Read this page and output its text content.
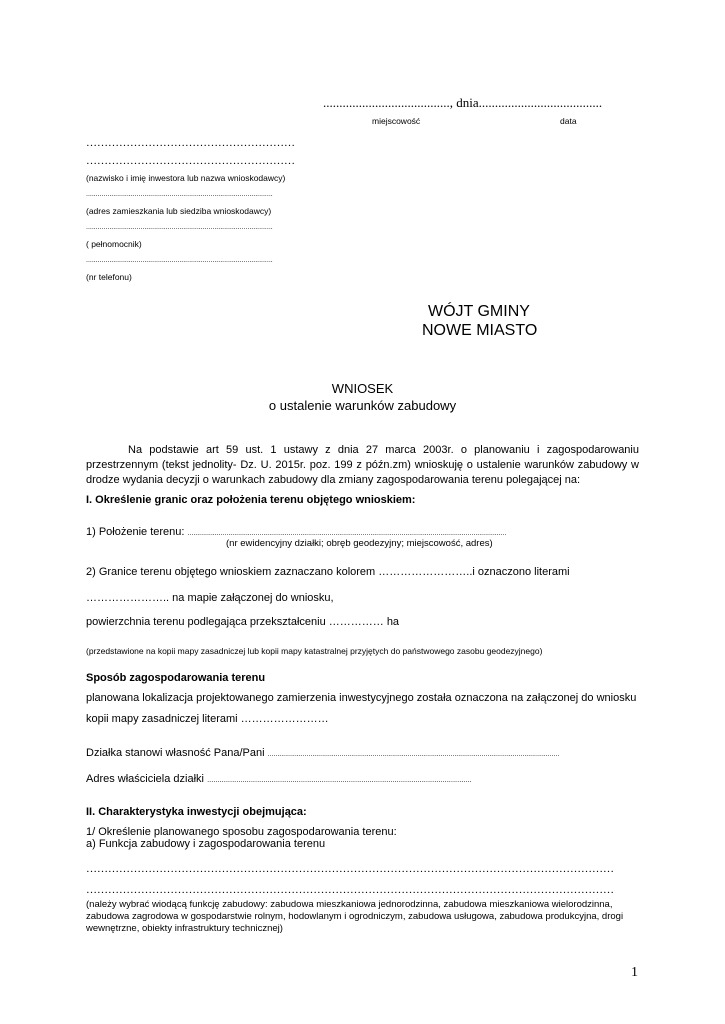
......................................., dnia......................................
miejscowość	data
…………………………………………………
…………………………………………………
(nazwisko i imię inwestora lub nazwa wnioskodawcy)
................................................................................................
(adres zamieszkania lub siedziba wnioskodawcy)
................................................................................................
( pełnomocnik)
................................................................................................
(nr telefonu)
WÓJT GMINY
NOWE MIASTO
WNIOSEK
o ustalenie warunków zabudowy
Na podstawie art 59 ust. 1 ustawy z dnia 27 marca 2003r. o planowaniu i zagospodarowaniu
przestrzennym (tekst jednolity- Dz. U. 2015r. poz. 199 z późn.zm) wnioskuję o ustalenie warunków zabudowy w
drodze wydania decyzji o warunkach zabudowy dla zmiany zagospodarowania terenu polegającej na:
I. Określenie granic oraz położenia terenu objętego wnioskiem:
1) Położenie terenu: ....................................................................................................................................................................
(nr ewidencyjny działki; obręb geodezyjny; miejscowość, adres)
2) Granice terenu objętego wnioskiem zaznaczano kolorem ……………………..i oznaczono literami
………………….. na mapie załączonej do wniosku,
powierzchnia terenu podlegająca przekształceniu …………… ha
(przedstawione na kopii mapy zasadniczej lub kopii mapy katastralnej przyjętych do państwowego zasobu geodezyjnego)
Sposób zagospodarowania terenu
planowana lokalizacja projektowanego zamierzenia inwestycyjnego została oznaczona na załączonej do wniosku
kopii mapy zasadniczej literami ……………………
Działka stanowi własność Pana/Pani ......................................................................................................................................................
Adres właściciela działki ...............................................................................................................................
II. Charakterystyka inwestycji obejmująca:
1/ Określenie planowanego sposobu zagospodarowania terenu:
a) Funkcja zabudowy i zagospodarowania terenu
………………………………………………………………………………………………………………………………
………………………………………………………………………………………………………………………………
(należy wybrać wiodącą funkcję zabudowy: zabudowa mieszkaniowa jednorodzinna, zabudowa mieszkaniowa wielorodzinna, zabudowa zagrodowa w gospodarstwie rolnym, hodowlanym i ogrodniczym, zabudowa usługowa, zabudowa produkcyjna, drogi wewnętrzne, obiekty infrastruktury technicznej)
1
